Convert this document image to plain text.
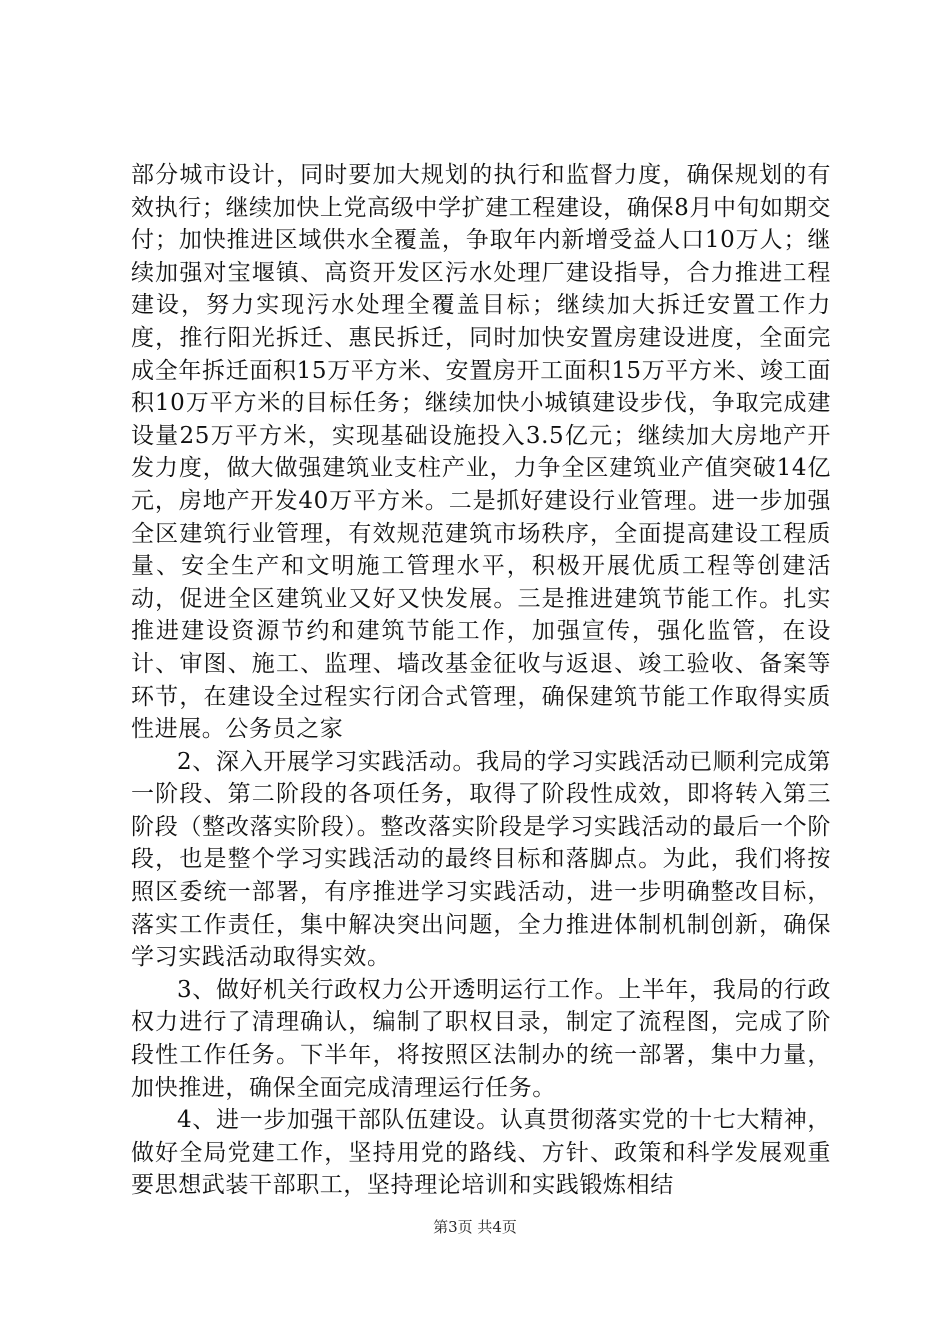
部分城市设计，同时要加大规划的执行和监督力度，确保规划的有效执行；继续加快上党高级中学扩建工程建设，确保8月中旬如期交付；加快推进区域供水全覆盖，争取年内新增受益人口10万人；继续加强对宝堰镇、高资开发区污水处理厂建设指导，合力推进工程建设，努力实现污水处理全覆盖目标；继续加大拆迁安置工作力度，推行阳光拆迁、惠民拆迁，同时加快安置房建设进度，全面完成全年拆迁面积15万平方米、安置房开工面积15万平方米、竣工面积10万平方米的目标任务；继续加快小城镇建设步伐，争取完成建设量25万平方米，实现基础设施投入3.5亿元；继续加大房地产开发力度，做大做强建筑业支柱产业，力争全区建筑业产值突破14亿元，房地产开发40万平方米。二是抓好建设行业管理。进一步加强全区建筑行业管理，有效规范建筑市场秩序，全面提高建设工程质量、安全生产和文明施工管理水平，积极开展优质工程等创建活动，促进全区建筑业又好又快发展。三是推进建筑节能工作。扎实推进建设资源节约和建筑节能工作，加强宣传，强化监管，在设计、审图、施工、监理、墙改基金征收与返退、竣工验收、备案等环节，在建设全过程实行闭合式管理，确保建筑节能工作取得实质性进展。公务员之家

2、深入开展学习实践活动。我局的学习实践活动已顺利完成第一阶段、第二阶段的各项任务，取得了阶段性成效，即将转入第三阶段（整改落实阶段）。整改落实阶段是学习实践活动的最后一个阶段，也是整个学习实践活动的最终目标和落脚点。为此，我们将按照区委统一部署，有序推进学习实践活动，进一步明确整改目标，落实工作责任，集中解决突出问题，全力推进体制机制创新，确保学习实践活动取得实效。

3、做好机关行政权力公开透明运行工作。上半年，我局的行政权力进行了清理确认，编制了职权目录，制定了流程图，完成了阶段性工作任务。下半年，将按照区法制办的统一部署，集中力量，加快推进，确保全面完成清理运行任务。

4、进一步加强干部队伍建设。认真贯彻落实党的十七大精神，做好全局党建工作，坚持用党的路线、方针、政策和科学发展观重要思想武装干部职工，坚持理论培训和实践锻炼相结

第3页 共4页
